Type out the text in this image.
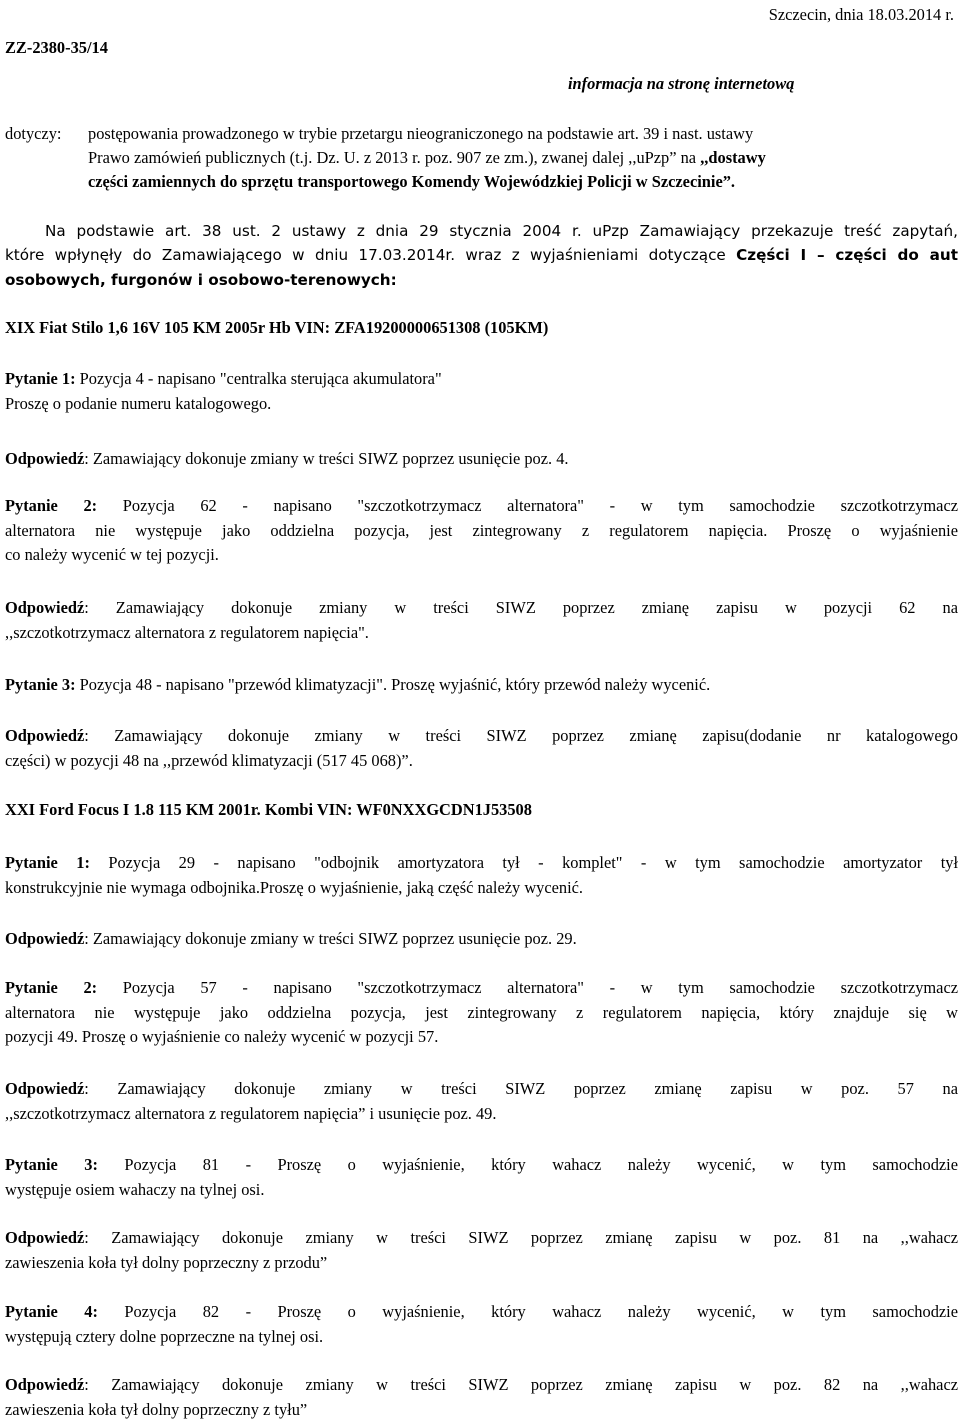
ZZ-2380-35/14
Szczecin, dnia 18.03.2014 r.
informacja na stronę internetową
dotyczy: postępowania prowadzonego w trybie przetargu nieograniczonego na podstawie art. 39 i nast. ustawy
Prawo zamówień publicznych (t.j. Dz. U. z 2013 r. poz. 907 ze zm.), zwanej dalej ,,uPzp” na ,,dostawy
części zamiennych do sprzętu transportowego Komendy Wojewódzkiej Policji w Szczecinie”.
Na podstawie art. 38 ust. 2 ustawy z dnia 29 stycznia 2004 r. uPzp Zamawiający przekazuje treść zapytań,
które wpłynęły do Zamawiającego w dniu 17.03.2014r. wraz z wyjaśnieniami dotyczące Części I – części do aut
osobowych, furgonów i osobowo-terenowych:
XIX Fiat Stilo 1,6 16V 105 KM 2005r Hb VIN: ZFA19200000651308 (105KM)
Pytanie 1: Pozycja 4 - napisano "centralka sterująca akumulatora"
Proszę o podanie numeru katalogowego.
Odpowiedź: Zamawiający dokonuje zmiany w treści SIWZ poprzez usunięcie poz. 4.
Pytanie 2: Pozycja 62 - napisano "szczotkotrzymacz alternatora" - w tym samochodzie szczotkotrzymacz
alternatora nie występuje jako oddzielna pozycja, jest zintegrowany z regulatorem napięcia. Proszę o wyjaśnienie
co należy wycenić w tej pozycji.
Odpowiedź: Zamawiający dokonuje zmiany w treści SIWZ poprzez zmianę zapisu w pozycji 62 na
,,szczotkotrzymacz alternatora z regulatorem napięcia".
Pytanie 3: Pozycja 48 - napisano "przewód klimatyzacji". Proszę wyjaśnić, który przewód należy wycenić.
Odpowiedź: Zamawiający dokonuje zmiany w treści SIWZ poprzez zmianę zapisu(dodanie nr katalogowego
części) w pozycji 48 na ,,przewód klimatyzacji (517 45 068)”.
XXI Ford Focus I 1.8 115 KM 2001r. Kombi VIN: WF0NXXGCDN1J53508
Pytanie 1: Pozycja 29 - napisano "odbojnik amortyzatora tył - komplet" - w tym samochodzie amortyzator tył
konstrukcyjnie nie wymaga odbojnika.Proszę o wyjaśnienie, jaką część należy wycenić.
Odpowiedź: Zamawiający dokonuje zmiany w treści SIWZ poprzez usunięcie poz. 29.
Pytanie 2: Pozycja 57 - napisano "szczotkotrzymacz alternatora" - w tym samochodzie szczotkotrzymacz
alternatora nie występuje jako oddzielna pozycja, jest zintegrowany z regulatorem napięcia, który znajduje się w
pozycji 49. Proszę o wyjaśnienie co należy wycenić w pozycji 57.
Odpowiedź: Zamawiający dokonuje zmiany w treści SIWZ poprzez zmianę zapisu w poz. 57 na
,,szczotkotrzymacz alternatora z regulatorem napięcia” i usunięcie poz. 49.
Pytanie 3: Pozycja 81 - Proszę o wyjaśnienie, który wahacz należy wycenić, w tym samochodzie
występuje osiem wahaczy na tylnej osi.
Odpowiedź: Zamawiający dokonuje zmiany w treści SIWZ poprzez zmianę zapisu w poz. 81 na ,,wahacz
zawieszenia koła tył dolny poprzeczny z przodu”
Pytanie 4: Pozycja 82 - Proszę o wyjaśnienie, który wahacz należy wycenić, w tym samochodzie
występują cztery dolne poprzeczne na tylnej osi.
Odpowiedź: Zamawiający dokonuje zmiany w treści SIWZ poprzez zmianę zapisu w poz. 82 na ,,wahacz
zawieszenia koła tył dolny poprzeczny z tyłu”
